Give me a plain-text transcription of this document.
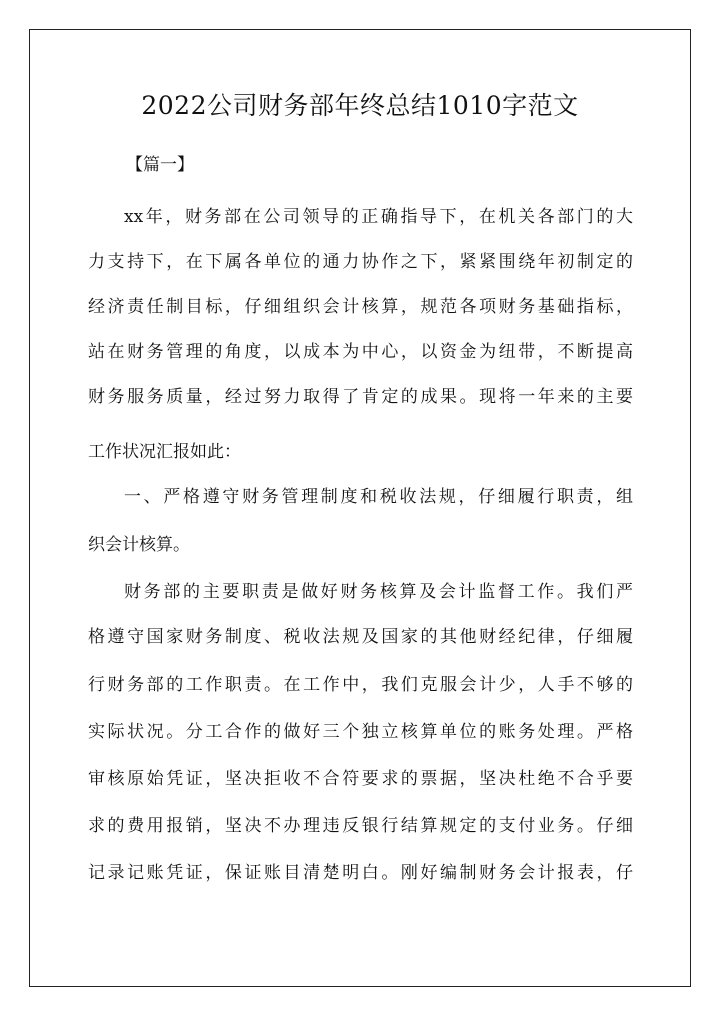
2022公司财务部年终总结1010字范文
【篇一】
xx年，财务部在公司领导的正确指导下，在机关各部门的大
力支持下，在下属各单位的通力协作之下，紧紧围绕年初制定的
经济责任制目标，仔细组织会计核算，规范各项财务基础指标，
站在财务管理的角度，以成本为中心，以资金为纽带，不断提高
财务服务质量，经过努力取得了肯定的成果。现将一年来的主要
工作状况汇报如此：
一、严格遵守财务管理制度和税收法规，仔细履行职责，组
织会计核算。
财务部的主要职责是做好财务核算及会计监督工作。我们严
格遵守国家财务制度、税收法规及国家的其他财经纪律，仔细履
行财务部的工作职责。在工作中，我们克服会计少，人手不够的
实际状况。分工合作的做好三个独立核算单位的账务处理。严格
审核原始凭证，坚决拒收不合符要求的票据，坚决杜绝不合乎要
求的费用报销，坚决不办理违反银行结算规定的支付业务。仔细
记录记账凭证，保证账目清楚明白。刚好编制财务会计报表，仔
